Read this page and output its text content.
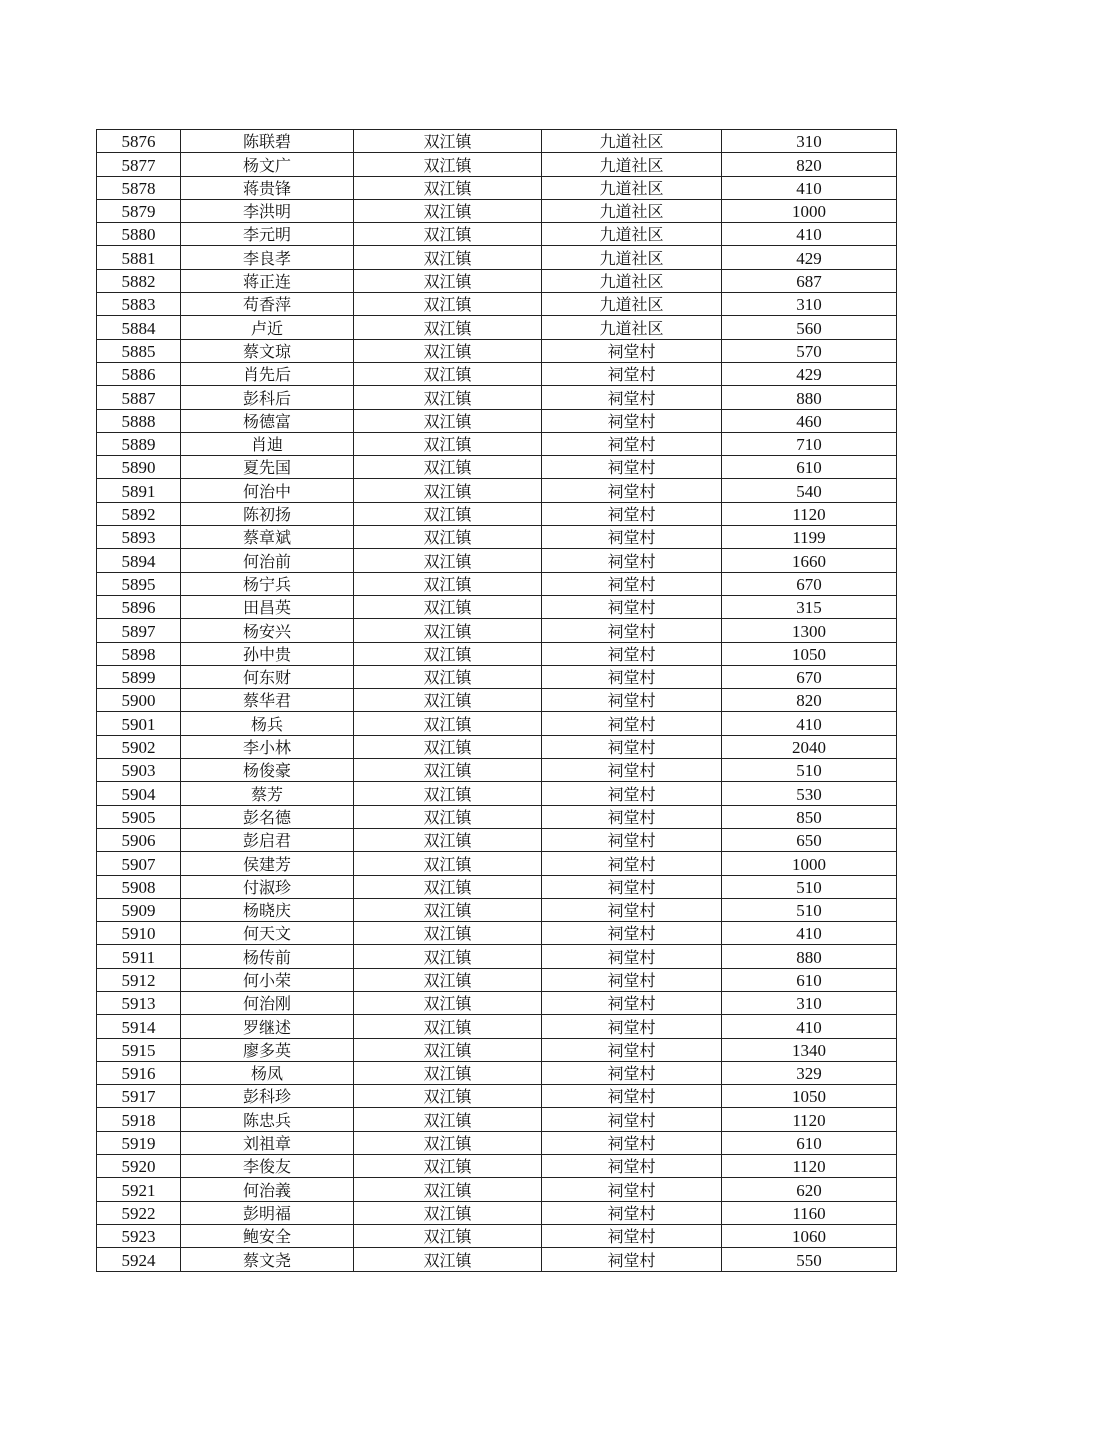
5876	陈联碧	双江镇	九道社区	310
5877	杨文广	双江镇	九道社区	820
5878	蒋贵锋	双江镇	九道社区	410
5879	李洪明	双江镇	九道社区	1000
5880	李元明	双江镇	九道社区	410
5881	李良孝	双江镇	九道社区	429
5882	蒋正连	双江镇	九道社区	687
5883	苟香萍	双江镇	九道社区	310
5884	卢近	双江镇	九道社区	560
5885	蔡文琼	双江镇	祠堂村	570
5886	肖先后	双江镇	祠堂村	429
5887	彭科后	双江镇	祠堂村	880
5888	杨德富	双江镇	祠堂村	460
5889	肖迪	双江镇	祠堂村	710
5890	夏先国	双江镇	祠堂村	610
5891	何治中	双江镇	祠堂村	540
5892	陈初扬	双江镇	祠堂村	1120
5893	蔡章斌	双江镇	祠堂村	1199
5894	何治前	双江镇	祠堂村	1660
5895	杨宁兵	双江镇	祠堂村	670
5896	田昌英	双江镇	祠堂村	315
5897	杨安兴	双江镇	祠堂村	1300
5898	孙中贵	双江镇	祠堂村	1050
5899	何东财	双江镇	祠堂村	670
5900	蔡华君	双江镇	祠堂村	820
5901	杨兵	双江镇	祠堂村	410
5902	李小林	双江镇	祠堂村	2040
5903	杨俊豪	双江镇	祠堂村	510
5904	蔡芳	双江镇	祠堂村	530
5905	彭名德	双江镇	祠堂村	850
5906	彭启君	双江镇	祠堂村	650
5907	侯建芳	双江镇	祠堂村	1000
5908	付淑珍	双江镇	祠堂村	510
5909	杨晓庆	双江镇	祠堂村	510
5910	何天文	双江镇	祠堂村	410
5911	杨传前	双江镇	祠堂村	880
5912	何小荣	双江镇	祠堂村	610
5913	何治刚	双江镇	祠堂村	310
5914	罗继述	双江镇	祠堂村	410
5915	廖多英	双江镇	祠堂村	1340
5916	杨凤	双江镇	祠堂村	329
5917	彭科珍	双江镇	祠堂村	1050
5918	陈忠兵	双江镇	祠堂村	1120
5919	刘祖章	双江镇	祠堂村	610
5920	李俊友	双江镇	祠堂村	1120
5921	何治義	双江镇	祠堂村	620
5922	彭明福	双江镇	祠堂村	1160
5923	鲍安全	双江镇	祠堂村	1060
5924	蔡文尧	双江镇	祠堂村	550
